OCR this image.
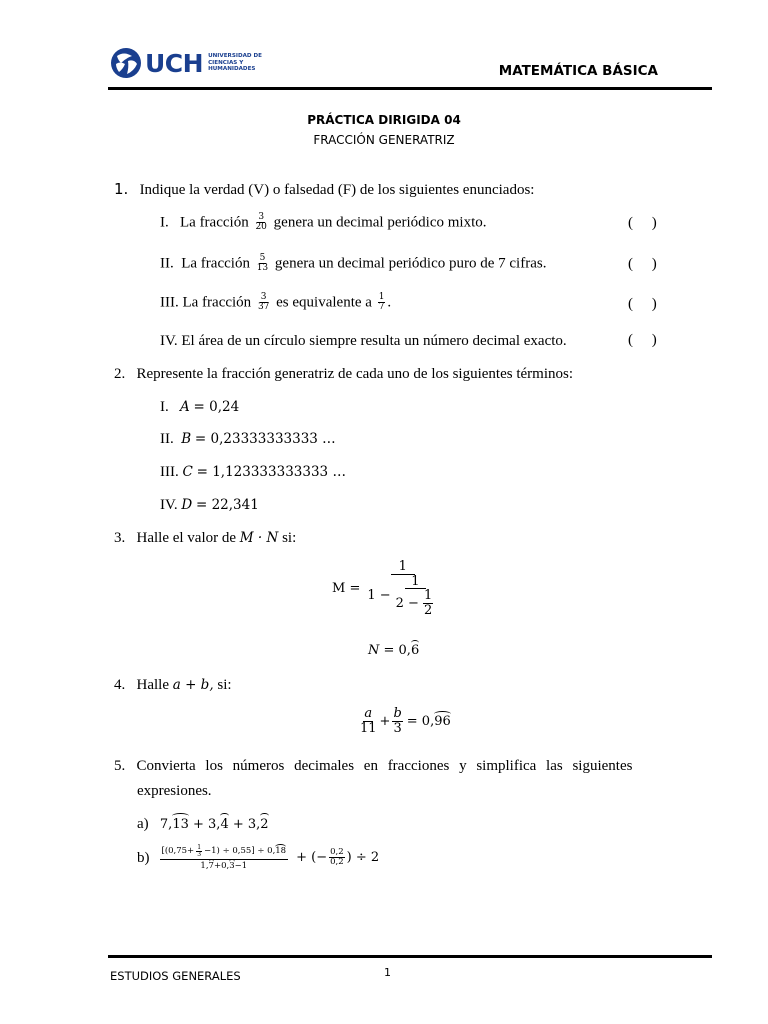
UCH UNIVERSIDAD DE
CIENCIAS Y
HUMANIDADES	MATEMÁTICA BÁSICA
PRÁCTICA DIRIGIDA 04
FRACCIÓN GENERATRIZ
1. Indique la verdad (V) o falsedad (F) de los siguientes enunciados:
I.   La fracción $\frac{3}{20}$ genera un decimal periódico mixto.	(     )
II.  La fracción $\frac{5}{13}$ genera un decimal periódico puro de 7 cifras.	(     )
III. La fracción $\frac{3}{37}$ es equivalente a $\frac{1}{7}$ .	(     )
IV. El área de un círculo siempre resulta un número decimal exacto.	(     )
2. Represente la fracción generatriz de cada uno de los siguientes términos:
I. A = 0,24
II. B = 0,23333333333 …
III. C = 1,123333333333 …
IV. D = 22,341
3. Halle el valor de M · N si:
$M = \frac{1}{1 - \frac{1}{2 - \frac{1}{2}}}$
N = 0,6
4. Halle a + b, si:
$\frac{a}{11} + \frac{b}{3} = 0$, 96
5. Convierta los números decimales en fracciones y simplifica las siguientes
expresiones.
a) 7,13 + 3,4 + 3,2
$b) \frac{[(0,75+ \frac{1}{3} -1) \div 0,55] \div 0, 18}{1,7+0,3-1}$ + (− $\frac{0,2}{0,2}$ ) ÷ 2
ESTUDIOS GENERALES	1
